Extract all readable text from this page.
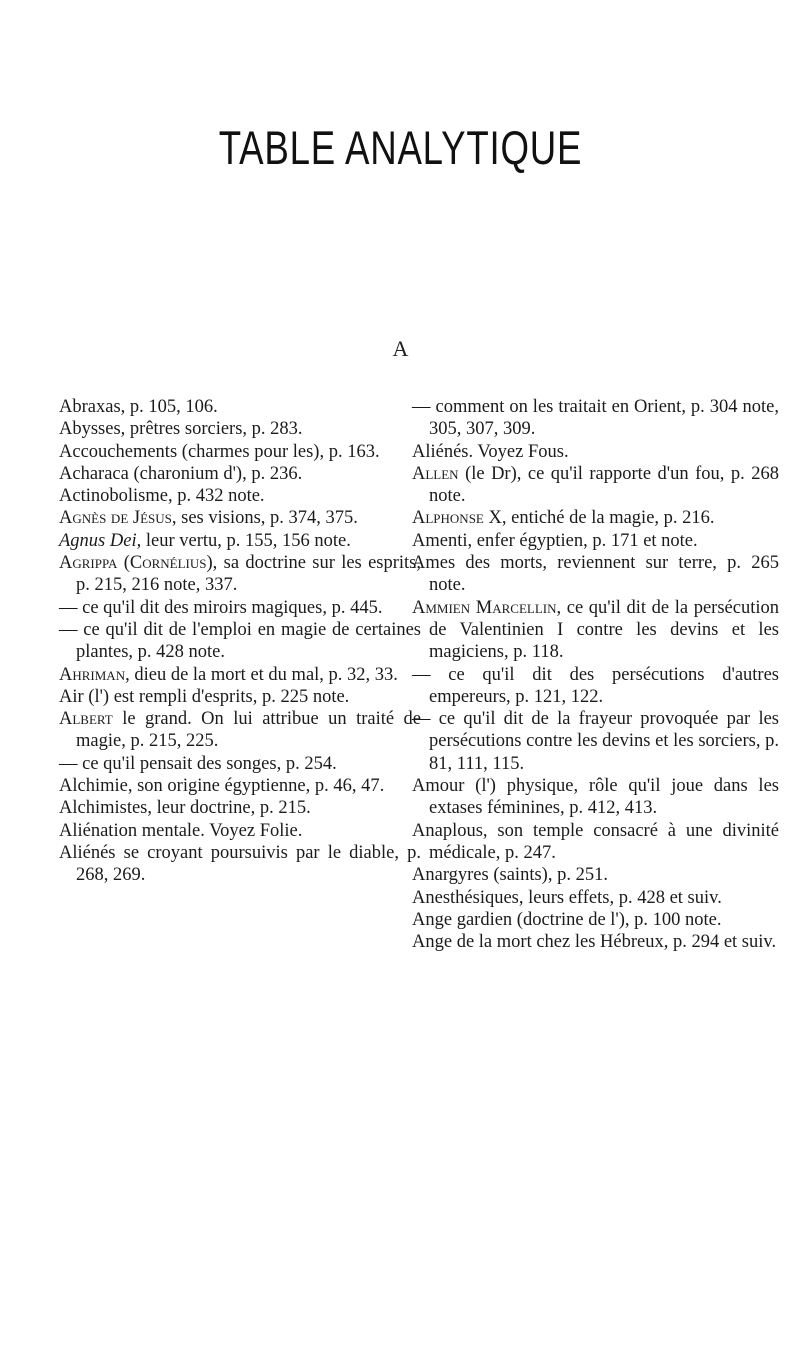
TABLE ANALYTIQUE
A

Abraxas, p. 105, 106.

Abysses, prêtres sorciers, p. 283.

Accouchements (charmes pour les), p. 163.

Acharaca (charonium d'), p. 236.

Actinobolisme, p. 432 note.

Agnès de Jésus, ses visions, p. 374, 375.

Agnus Dei, leur vertu, p. 155, 156 note.

Agrippa (Cornélius), sa doctrine sur les esprits, p. 215, 216 note, 337.

— ce qu'il dit des miroirs magiques, p. 445.

— ce qu'il dit de l'emploi en magie de certaines plantes, p. 428 note.

Ahriman, dieu de la mort et du mal, p. 32, 33.

Air (l') est rempli d'esprits, p. 225 note.

Albert le grand. On lui attribue un traité de magie, p. 215, 225.

— ce qu'il pensait des songes, p. 254.

Alchimie, son origine égyptienne, p. 46, 47.

Alchimistes, leur doctrine, p. 215.

Aliénation mentale. Voyez Folie.

Aliénés se croyant poursuivis par le diable, p. 268, 269.

— comment on les traitait en Orient, p. 304 note, 305, 307, 309.

Aliénés. Voyez Fous.

Allen (le Dr), ce qu'il rapporte d'un fou, p. 268 note.

Alphonse X, entiché de la magie, p. 216.

Amenti, enfer égyptien, p. 171 et note.

Ames des morts, reviennent sur terre, p. 265 note.

Ammien Marcellin, ce qu'il dit de la persécution de Valentinien I contre les devins et les magiciens, p. 118.

— ce qu'il dit des persécutions d'autres empereurs, p. 121, 122.

— ce qu'il dit de la frayeur provoquée par les persécutions contre les devins et les sorciers, p. 81, 111, 115.

Amour (l') physique, rôle qu'il joue dans les extases féminines, p. 412, 413.

Anaplous, son temple consacré à une divinité médicale, p. 247.

Anargyres (saints), p. 251.

Anesthésiques, leurs effets, p. 428 et suiv.

Ange gardien (doctrine de l'), p. 100 note.

Ange de la mort chez les Hébreux, p. 294 et suiv.
